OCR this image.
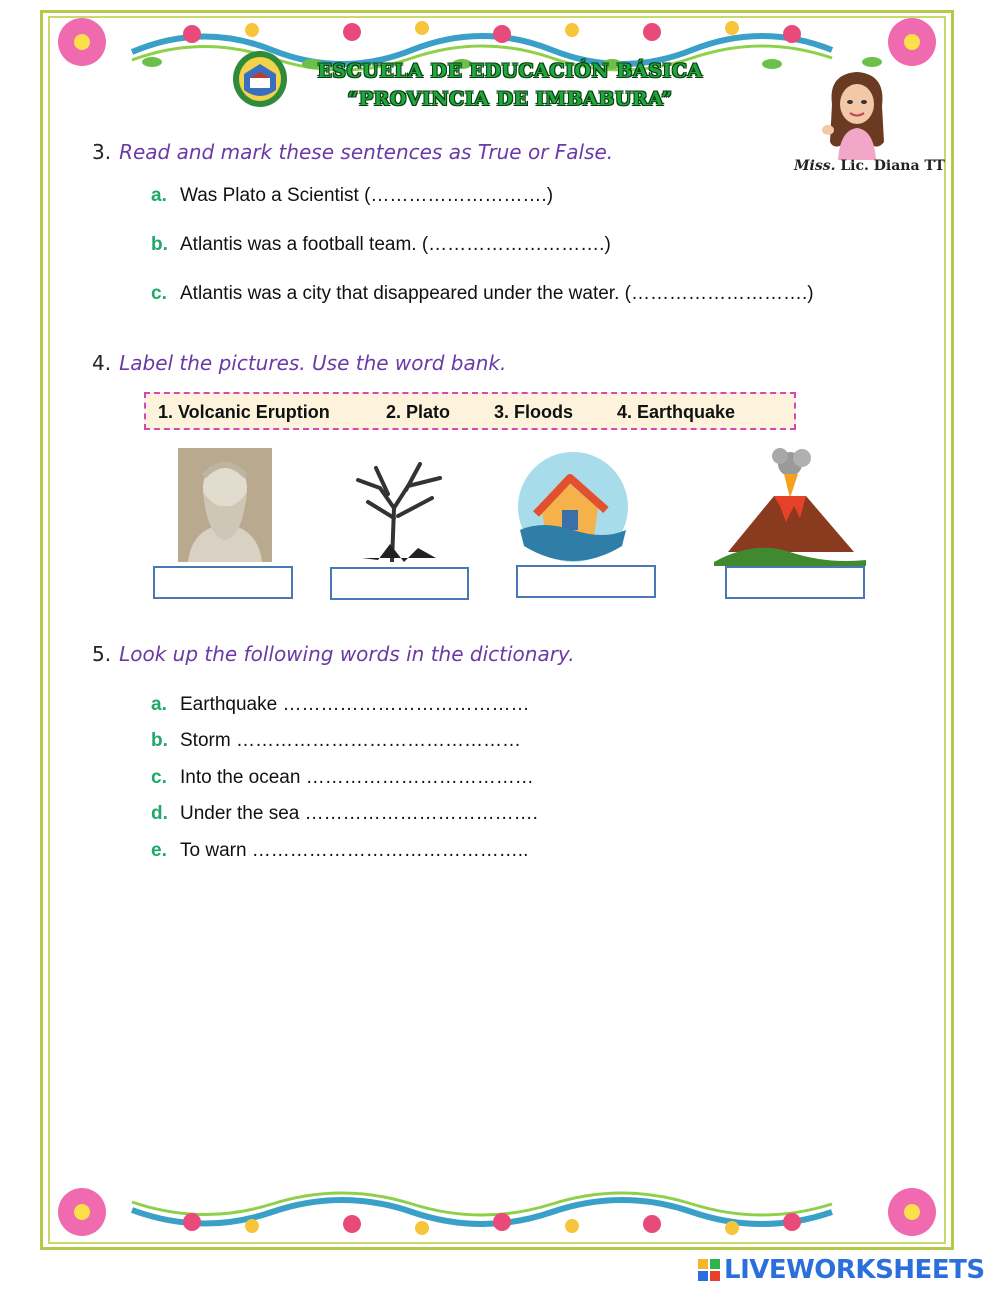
ESCUELA DE EDUCACIÓN BÁSICA
“PROVINCIA DE IMBABURA”
Miss. Lic. Diana TT
3. Read and mark these sentences as True or False.
a. Was Plato a Scientist (……………………….)
b. Atlantis was a football team. (……………………….)
c. Atlantis was a city that disappeared under the water. (……………………….)
4. Label the pictures. Use the word bank.
1. Volcanic Eruption	2. Plato 3. Floods 4. Earthquake
5. Look up the following words in the dictionary.
a. Earthquake …………………………………
b. Storm ………………………………………
c. Into the ocean ………………………………
d. Under the sea ……………………………….
e. To warn ……………………………………..
LIVEWORKSHEETS
